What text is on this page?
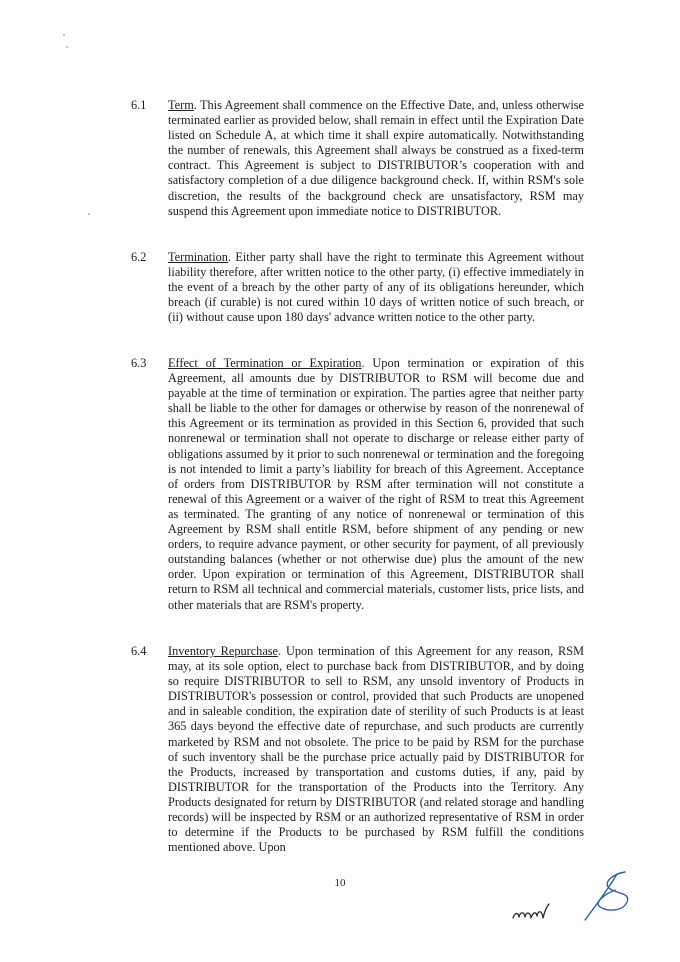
6.1 Term. This Agreement shall commence on the Effective Date, and, unless otherwise terminated earlier as provided below, shall remain in effect until the Expiration Date listed on Schedule A, at which time it shall expire automatically. Notwithstanding the number of renewals, this Agreement shall always be construed as a fixed-term contract. This Agreement is subject to DISTRIBUTOR’s cooperation with and satisfactory completion of a due diligence background check. If, within RSM's sole discretion, the results of the background check are unsatisfactory, RSM may suspend this Agreement upon immediate notice to DISTRIBUTOR.
6.2 Termination. Either party shall have the right to terminate this Agreement without liability therefore, after written notice to the other party, (i) effective immediately in the event of a breach by the other party of any of its obligations hereunder, which breach (if curable) is not cured within 10 days of written notice of such breach, or (ii) without cause upon 180 days' advance written notice to the other party.
6.3 Effect of Termination or Expiration. Upon termination or expiration of this Agreement, all amounts due by DISTRIBUTOR to RSM will become due and payable at the time of termination or expiration. The parties agree that neither party shall be liable to the other for damages or otherwise by reason of the nonrenewal of this Agreement or its termination as provided in this Section 6, provided that such nonrenewal or termination shall not operate to discharge or release either party of obligations assumed by it prior to such nonrenewal or termination and the foregoing is not intended to limit a party’s liability for breach of this Agreement. Acceptance of orders from DISTRIBUTOR by RSM after termination will not constitute a renewal of this Agreement or a waiver of the right of RSM to treat this Agreement as terminated. The granting of any notice of nonrenewal or termination of this Agreement by RSM shall entitle RSM, before shipment of any pending or new orders, to require advance payment, or other security for payment, of all previously outstanding balances (whether or not otherwise due) plus the amount of the new order. Upon expiration or termination of this Agreement, DISTRIBUTOR shall return to RSM all technical and commercial materials, customer lists, price lists, and other materials that are RSM's property.
6.4 Inventory Repurchase. Upon termination of this Agreement for any reason, RSM may, at its sole option, elect to purchase back from DISTRIBUTOR, and by doing so require DISTRIBUTOR to sell to RSM, any unsold inventory of Products in DISTRIBUTOR's possession or control, provided that such Products are unopened and in saleable condition, the expiration date of sterility of such Products is at least 365 days beyond the effective date of repurchase, and such products are currently marketed by RSM and not obsolete. The price to be paid by RSM for the purchase of such inventory shall be the purchase price actually paid by DISTRIBUTOR for the Products, increased by transportation and customs duties, if any, paid by DISTRIBUTOR for the transportation of the Products into the Territory. Any Products designated for return by DISTRIBUTOR (and related storage and handling records) will be inspected by RSM or an authorized representative of RSM in order to determine if the Products to be purchased by RSM fulfill the conditions mentioned above. Upon
10
